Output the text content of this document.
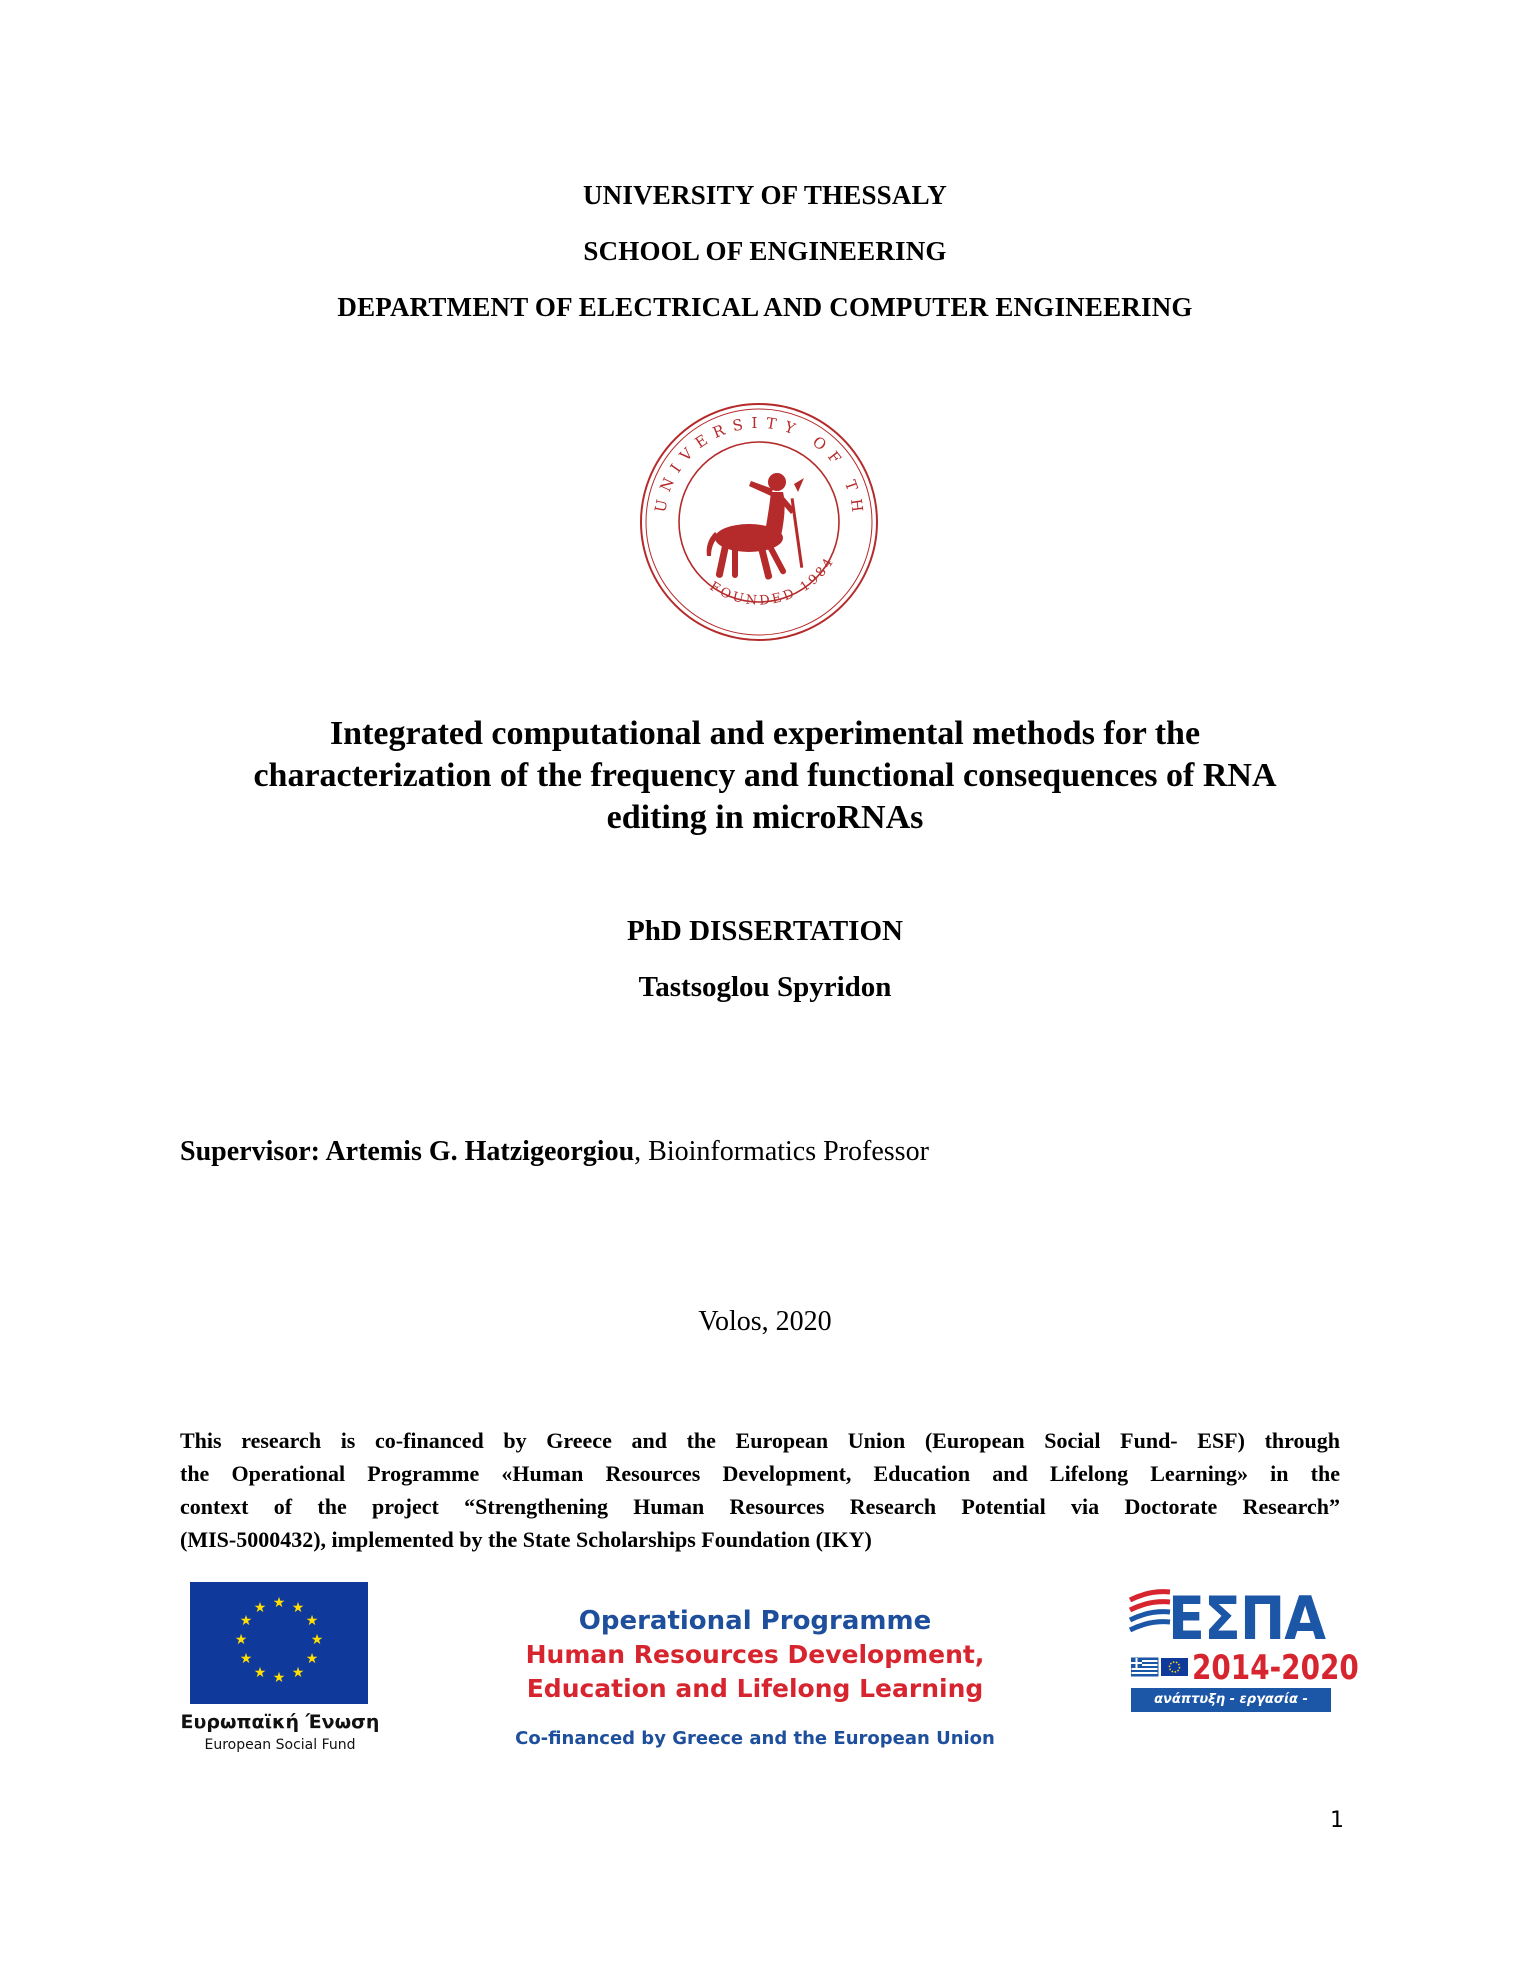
UNIVERSITY OF THESSALY
SCHOOL OF ENGINEERING
DEPARTMENT OF ELECTRICAL AND COMPUTER ENGINEERING
UNIVERSITY OF TH
FOUNDED 1984
Integrated computational and experimental methods for the
characterization of the frequency and functional consequences of RNA
editing in microRNAs
PhD DISSERTATION
Tastsoglou Spyridon
Supervisor: Artemis G. Hatzigeorgiou, Bioinformatics Professor
Volos, 2020
This research is co-financed by Greece and the European Union (European Social Fund- ESF) through
the Operational Programme «Human Resources Development, Education and Lifelong Learning» in the
context of the project “Strengthening Human Resources Research Potential via Doctorate Research”
(MIS-5000432), implemented by the State Scholarships Foundation (IKY)
★ ★
★
★
★
★
★
★
★
★
★
★
Ευρωπαϊκή Ένωση
European Social Fund
Operational Programme
Human Resources Development,
Education and Lifelong Learning
Co-financed by Greece and the European Union
ΕΣΠΑ
2014-2020
ανάπτυξη - εργασία - αλληλεγγύη
1
